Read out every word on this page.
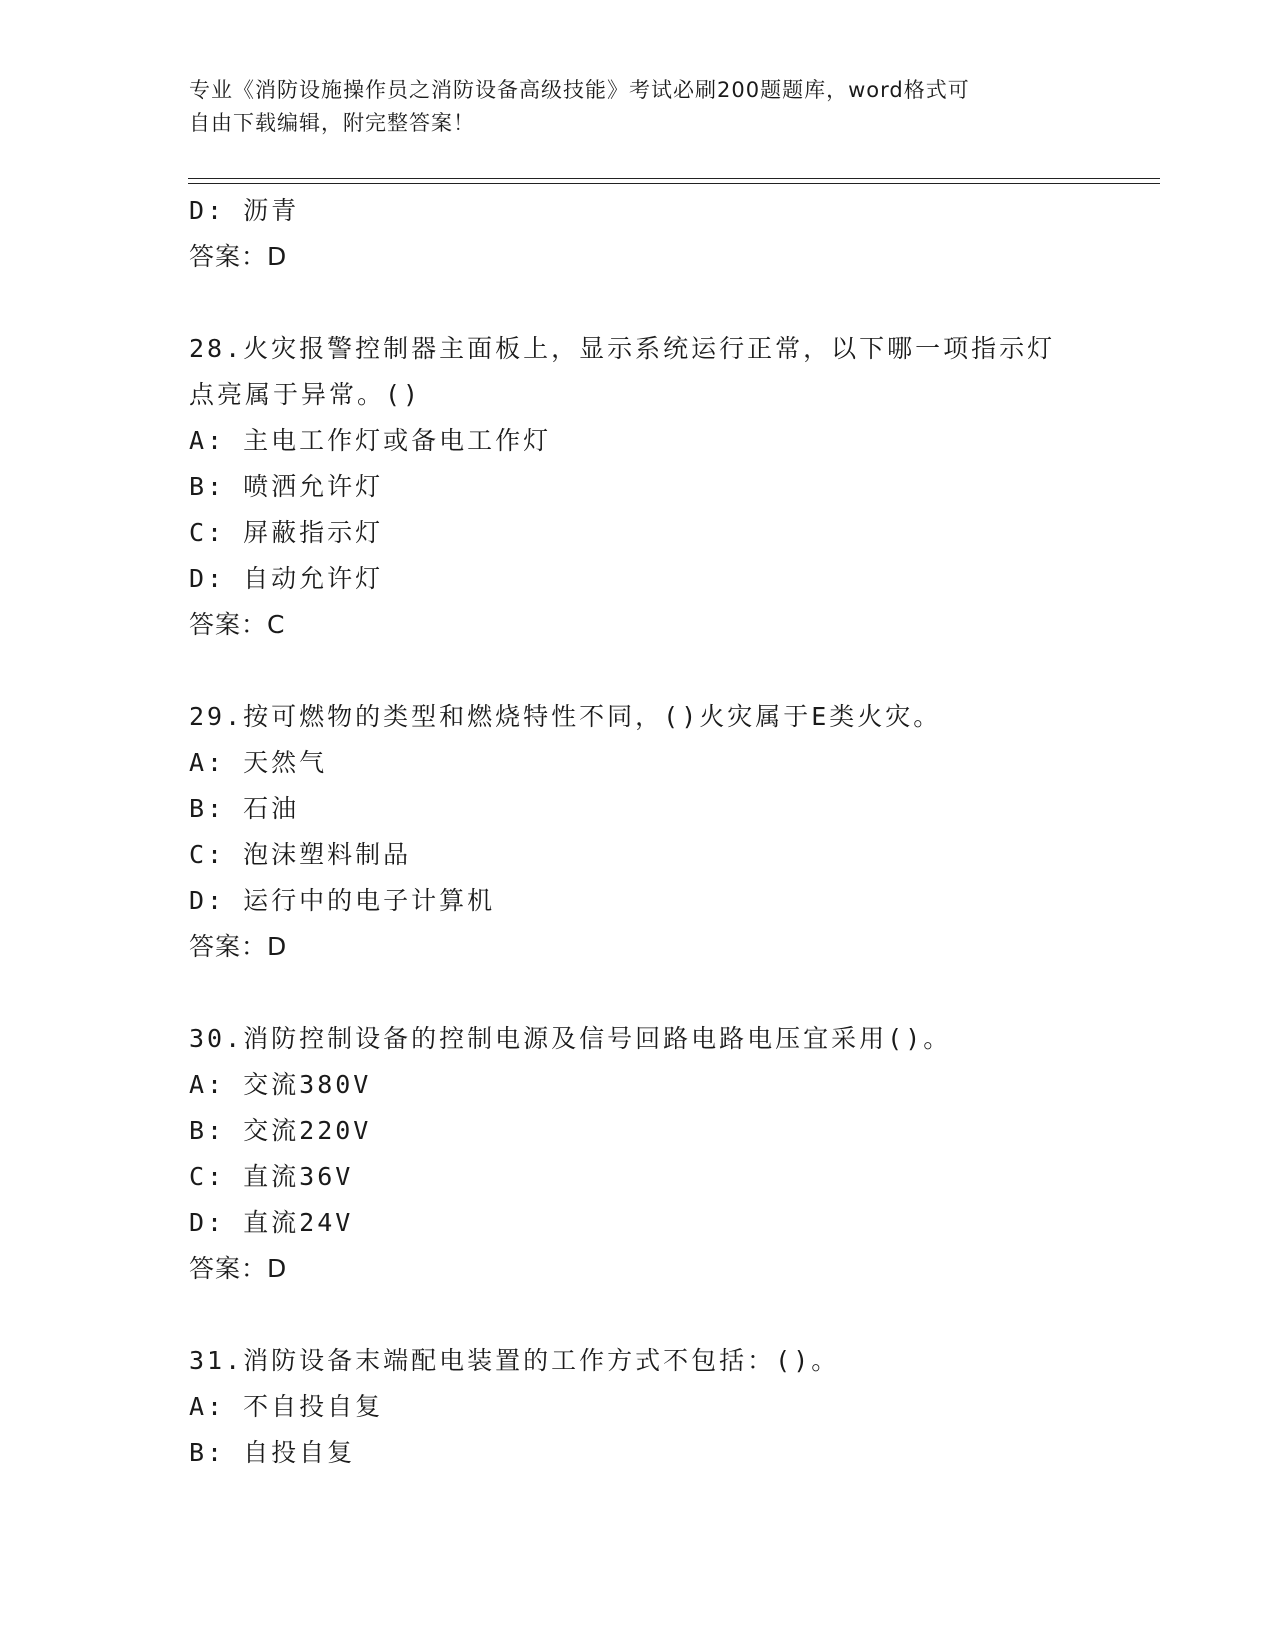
专业《消防设施操作员之消防设备高级技能》考试必刷200题题库，word格式可
自由下载编辑，附完整答案！
D: 沥青
答案：D
28.火灾报警控制器主面板上，显示系统运行正常，以下哪一项指示灯
点亮属于异常。()
A: 主电工作灯或备电工作灯
B: 喷洒允许灯
C: 屏蔽指示灯
D: 自动允许灯
答案：C
29.按可燃物的类型和燃烧特性不同，()火灾属于E类火灾。
A: 天然气
B: 石油
C: 泡沫塑料制品
D: 运行中的电子计算机
答案：D
30.消防控制设备的控制电源及信号回路电路电压宜采用()。
A: 交流380V
B: 交流220V
C: 直流36V
D: 直流24V
答案：D
31.消防设备末端配电装置的工作方式不包括：()。
A: 不自投自复
B: 自投自复
